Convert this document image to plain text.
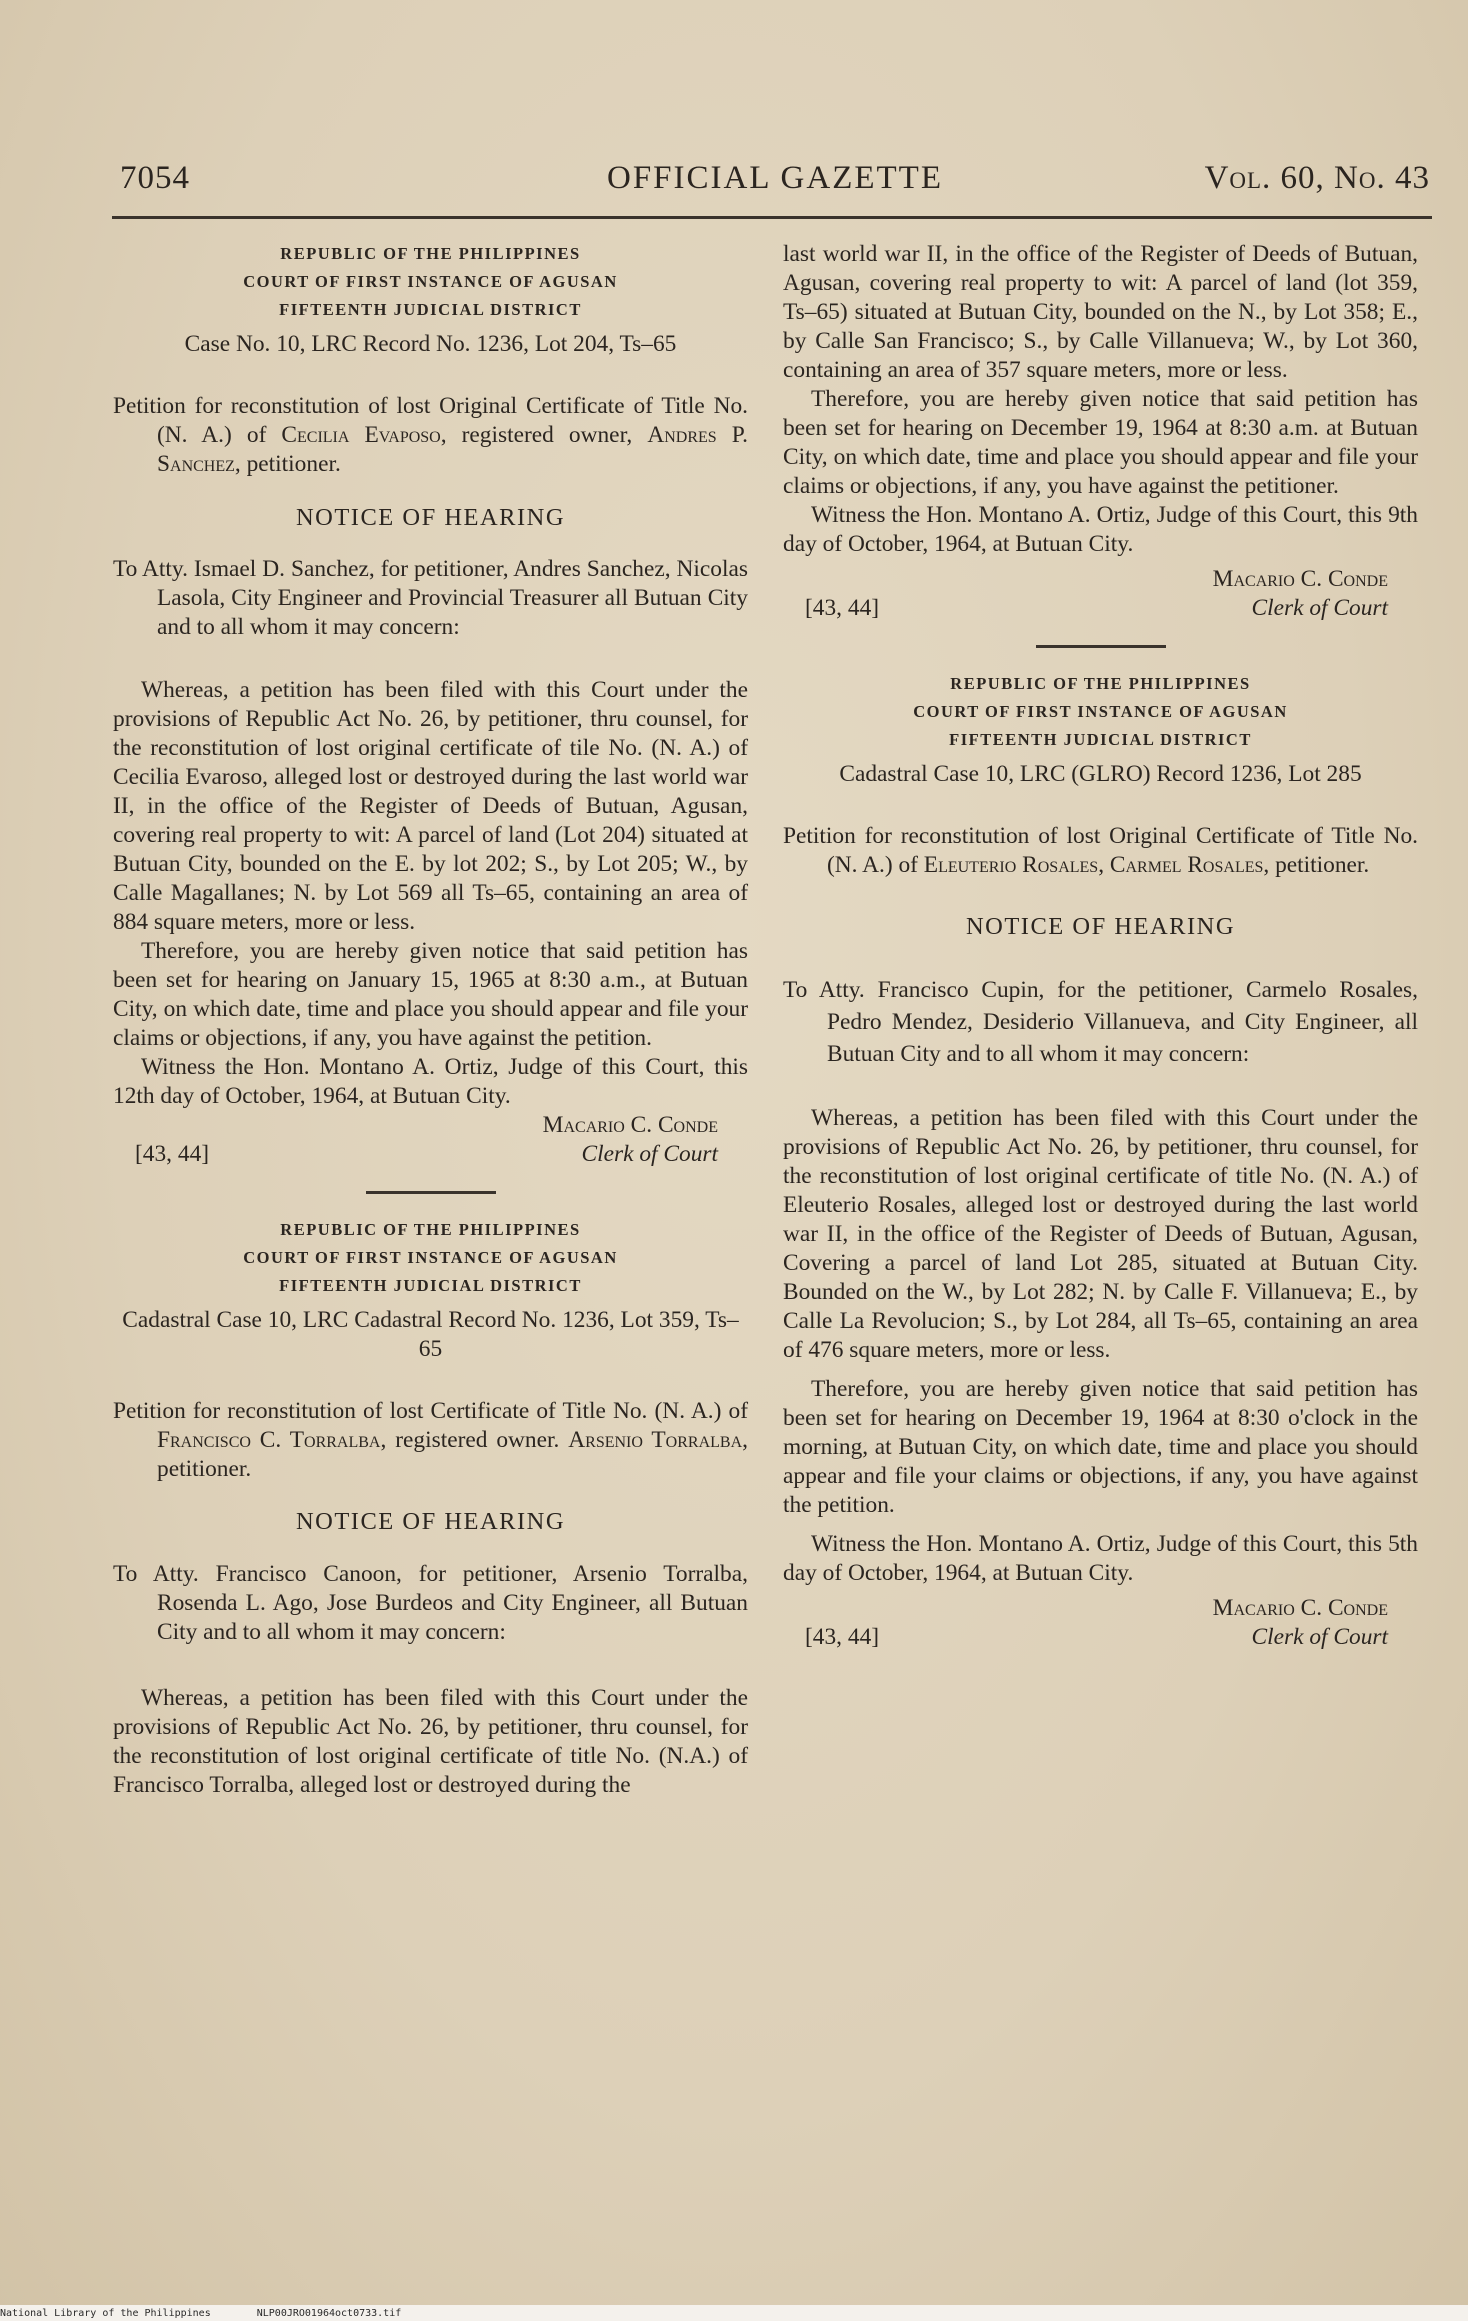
7054	OFFICIAL GAZETTE	Vol. 60, No. 43
REPUBLIC OF THE PHILIPPINES
COURT OF FIRST INSTANCE OF AGUSAN
FIFTEENTH JUDICIAL DISTRICT

Case No. 10, LRC Record No. 1236, Lot 204, Ts–65

Petition for reconstitution of lost Original Certificate of Title No. (N. A.) of Cecilia Evaposo, registered owner, Andres P. Sanchez, petitioner.

NOTICE OF HEARING

To Atty. Ismael D. Sanchez, for petitioner, Andres Sanchez, Nicolas Lasola, City Engineer and Provincial Treasurer all Butuan City and to all whom it may concern:

Whereas, a petition has been filed with this Court under the provisions of Republic Act No. 26, by petitioner, thru counsel, for the reconstitution of lost original certificate of tile No. (N. A.) of Cecilia Evaroso, alleged lost or destroyed during the last world war II, in the office of the Register of Deeds of Butuan, Agusan, covering real property to wit: A parcel of land (Lot 204) situated at Butuan City, bounded on the E. by lot 202; S., by Lot 205; W., by Calle Magallanes; N. by Lot 569 all Ts–65, containing an area of 884 square meters, more or less.

Therefore, you are hereby given notice that said petition has been set for hearing on January 15, 1965 at 8:30 a.m., at Butuan City, on which date, time and place you should appear and file your claims or objections, if any, you have against the petition.

Witness the Hon. Montano A. Ortiz, Judge of this Court, this 12th day of October, 1964, at Butuan City.

Macario C. Conde
Clerk of Court
[43, 44]
REPUBLIC OF THE PHILIPPINES
COURT OF FIRST INSTANCE OF AGUSAN
FIFTEENTH JUDICIAL DISTRICT

Cadastral Case 10, LRC Cadastral Record No. 1236, Lot 359, Ts–65

Petition for reconstitution of lost Certificate of Title No. (N. A.) of Francisco C. Torralba, registered owner. Arsenio Torralba, petitioner.

NOTICE OF HEARING

To Atty. Francisco Canoon, for petitioner, Arsenio Torralba, Rosenda L. Ago, Jose Burdeos and City Engineer, all Butuan City and to all whom it may concern:

Whereas, a petition has been filed with this Court under the provisions of Republic Act No. 26, by petitioner, thru counsel, for the reconstitution of lost original certificate of title No. (N.A.) of Francisco Torralba, alleged lost or destroyed during the

last world war II, in the office of the Register of Deeds of Butuan, Agusan, covering real property to wit: A parcel of land (lot 359, Ts–65) situated at Butuan City, bounded on the N., by Lot 358; E., by Calle San Francisco; S., by Calle Villanueva; W., by Lot 360, containing an area of 357 square meters, more or less.

Therefore, you are hereby given notice that said petition has been set for hearing on December 19, 1964 at 8:30 a.m. at Butuan City, on which date, time and place you should appear and file your claims or objections, if any, you have against the petitioner.

Witness the Hon. Montano A. Ortiz, Judge of this Court, this 9th day of October, 1964, at Butuan City.

Macario C. Conde
Clerk of Court
[43, 44]
REPUBLIC OF THE PHILIPPINES
COURT OF FIRST INSTANCE OF AGUSAN
FIFTEENTH JUDICIAL DISTRICT

Cadastral Case 10, LRC (GLRO) Record 1236, Lot 285

Petition for reconstitution of lost Original Certificate of Title No. (N. A.) of Eleuterio Rosales, Carmel Rosales, petitioner.

NOTICE OF HEARING

To Atty. Francisco Cupin, for the petitioner, Carmelo Rosales, Pedro Mendez, Desiderio Villanueva, and City Engineer, all Butuan City and to all whom it may concern:

Whereas, a petition has been filed with this Court under the provisions of Republic Act No. 26, by petitioner, thru counsel, for the reconstitution of lost original certificate of title No. (N. A.) of Eleuterio Rosales, alleged lost or destroyed during the last world war II, in the office of the Register of Deeds of Butuan, Agusan, Covering a parcel of land Lot 285, situated at Butuan City. Bounded on the W., by Lot 282; N. by Calle F. Villanueva; E., by Calle La Revolucion; S., by Lot 284, all Ts–65, containing an area of 476 square meters, more or less.

Therefore, you are hereby given notice that said petition has been set for hearing on December 19, 1964 at 8:30 o'clock in the morning, at Butuan City, on which date, time and place you should appear and file your claims or objections, if any, you have against the petition.

Witness the Hon. Montano A. Ortiz, Judge of this Court, this 5th day of October, 1964, at Butuan City.

Macario C. Conde
Clerk of Court
[43, 44]
National Library of the Philippines	NLP00JRO01964oct0733.tif
